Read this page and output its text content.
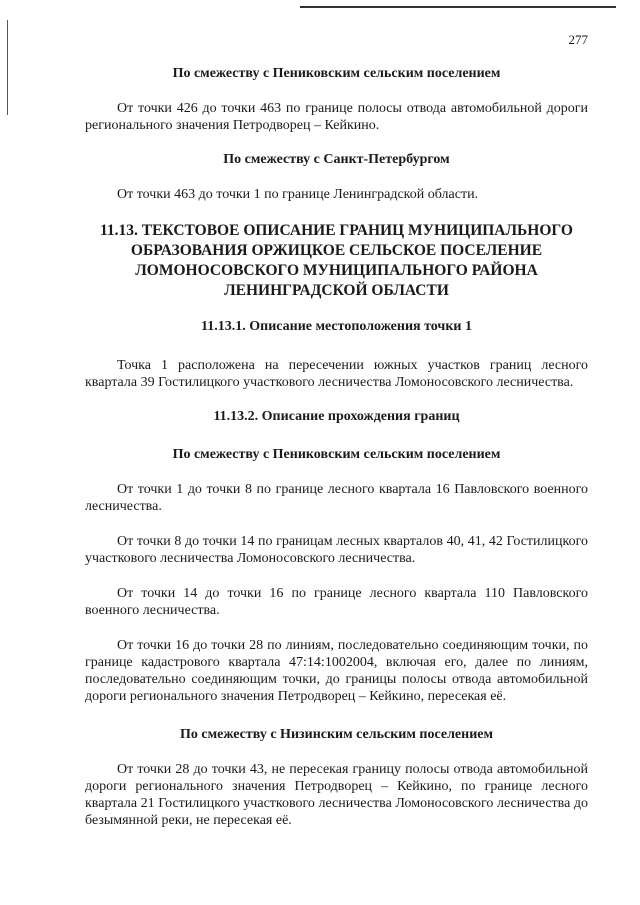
277

По смежеству с Пениковским сельским поселением

От точки 426 до точки 463 по границе полосы отвода автомобильной дороги регионального значения Петродворец – Кейкино.

По смежеству с Санкт-Петербургом

От точки 463 до точки 1 по границе Ленинградской области.

11.13. ТЕКСТОВОЕ ОПИСАНИЕ ГРАНИЦ МУНИЦИПАЛЬНОГО ОБРАЗОВАНИЯ ОРЖИЦКОЕ СЕЛЬСКОЕ ПОСЕЛЕНИЕ ЛОМОНОСОВСКОГО МУНИЦИПАЛЬНОГО РАЙОНА ЛЕНИНГРАДСКОЙ ОБЛАСТИ

11.13.1. Описание местоположения точки 1

Точка 1 расположена на пересечении южных участков границ лесного квартала 39 Гостилицкого участкового лесничества Ломоносовского лесничества.

11.13.2. Описание прохождения границ

По смежеству с Пениковским сельским поселением

От точки 1 до точки 8 по границе лесного квартала 16 Павловского военного лесничества.

От точки 8 до точки 14 по границам лесных кварталов 40, 41, 42 Гостилицкого участкового лесничества Ломоносовского лесничества.

От точки 14 до точки 16 по границе лесного квартала 110 Павловского военного лесничества.

От точки 16 до точки 28 по линиям, последовательно соединяющим точки, по границе кадастрового квартала 47:14:1002004, включая его, далее по линиям, последовательно соединяющим точки, до границы полосы отвода автомобильной дороги регионального значения Петродворец – Кейкино, пересекая её.

По смежеству с Низинским сельским поселением

От точки 28 до точки 43, не пересекая границу полосы отвода автомобильной дороги регионального значения Петродворец – Кейкино, по границе лесного квартала 21 Гостилицкого участкового лесничества Ломоносовского лесничества до безымянной реки, не пересекая её.
